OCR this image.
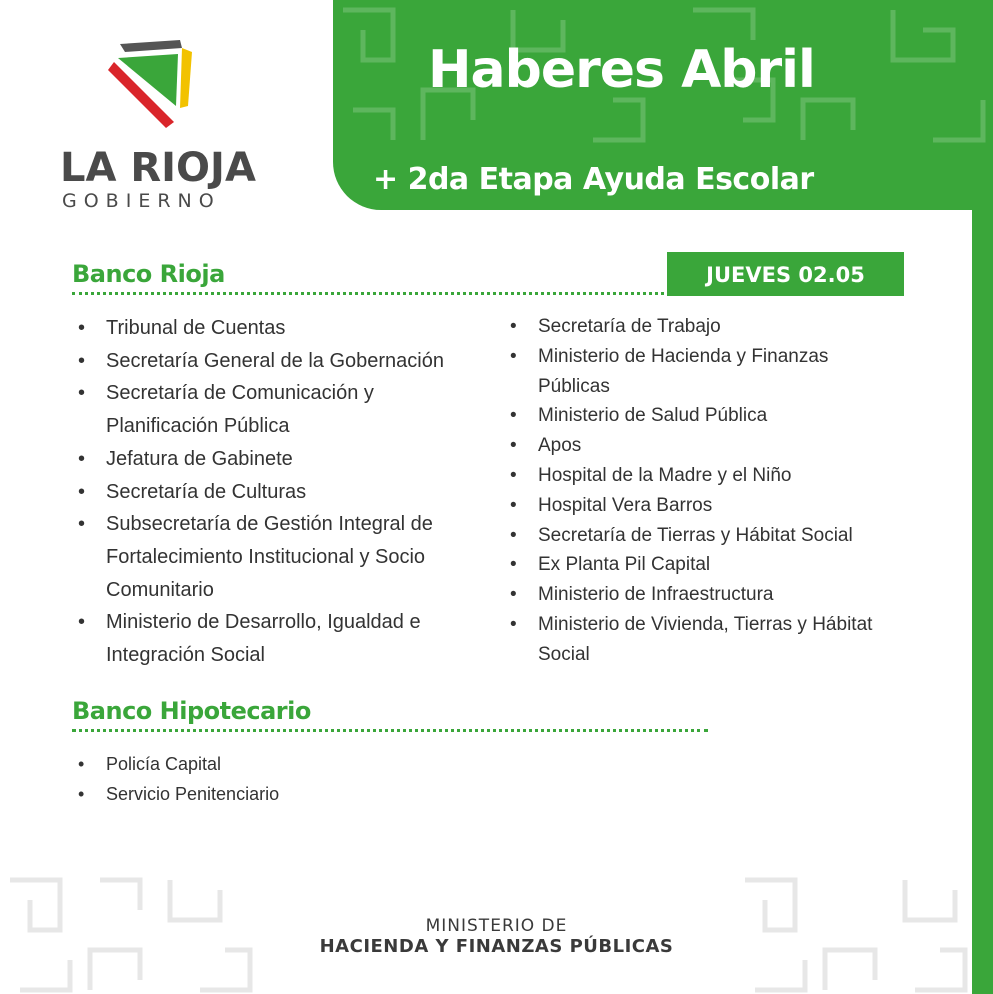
Haberes Abril
+ 2da Etapa Ayuda Escolar
LA RIOJA
GOBIERNO
Banco Rioja	JUEVES 02.05
• Tribunal de Cuentas
• Secretaría General de la Gobernación
• Secretaría de Comunicación y Planificación Pública
• Jefatura de Gabinete
• Secretaría de Culturas
• Subsecretaría de Gestión Integral de Fortalecimiento Institucional y Socio Comunitario
• Ministerio de Desarrollo, Igualdad e Integración Social
• Secretaría de Trabajo
• Ministerio de Hacienda y Finanzas Públicas
• Ministerio de Salud Pública
• Apos
• Hospital de la Madre y el Niño
• Hospital Vera Barros
• Secretaría de Tierras y Hábitat Social
• Ex Planta Pil Capital
• Ministerio de Infraestructura
• Ministerio de Vivienda, Tierras y Hábitat Social
Banco Hipotecario
• Policía Capital
• Servicio Penitenciario
MINISTERIO DE
HACIENDA Y FINANZAS PÚBLICAS
